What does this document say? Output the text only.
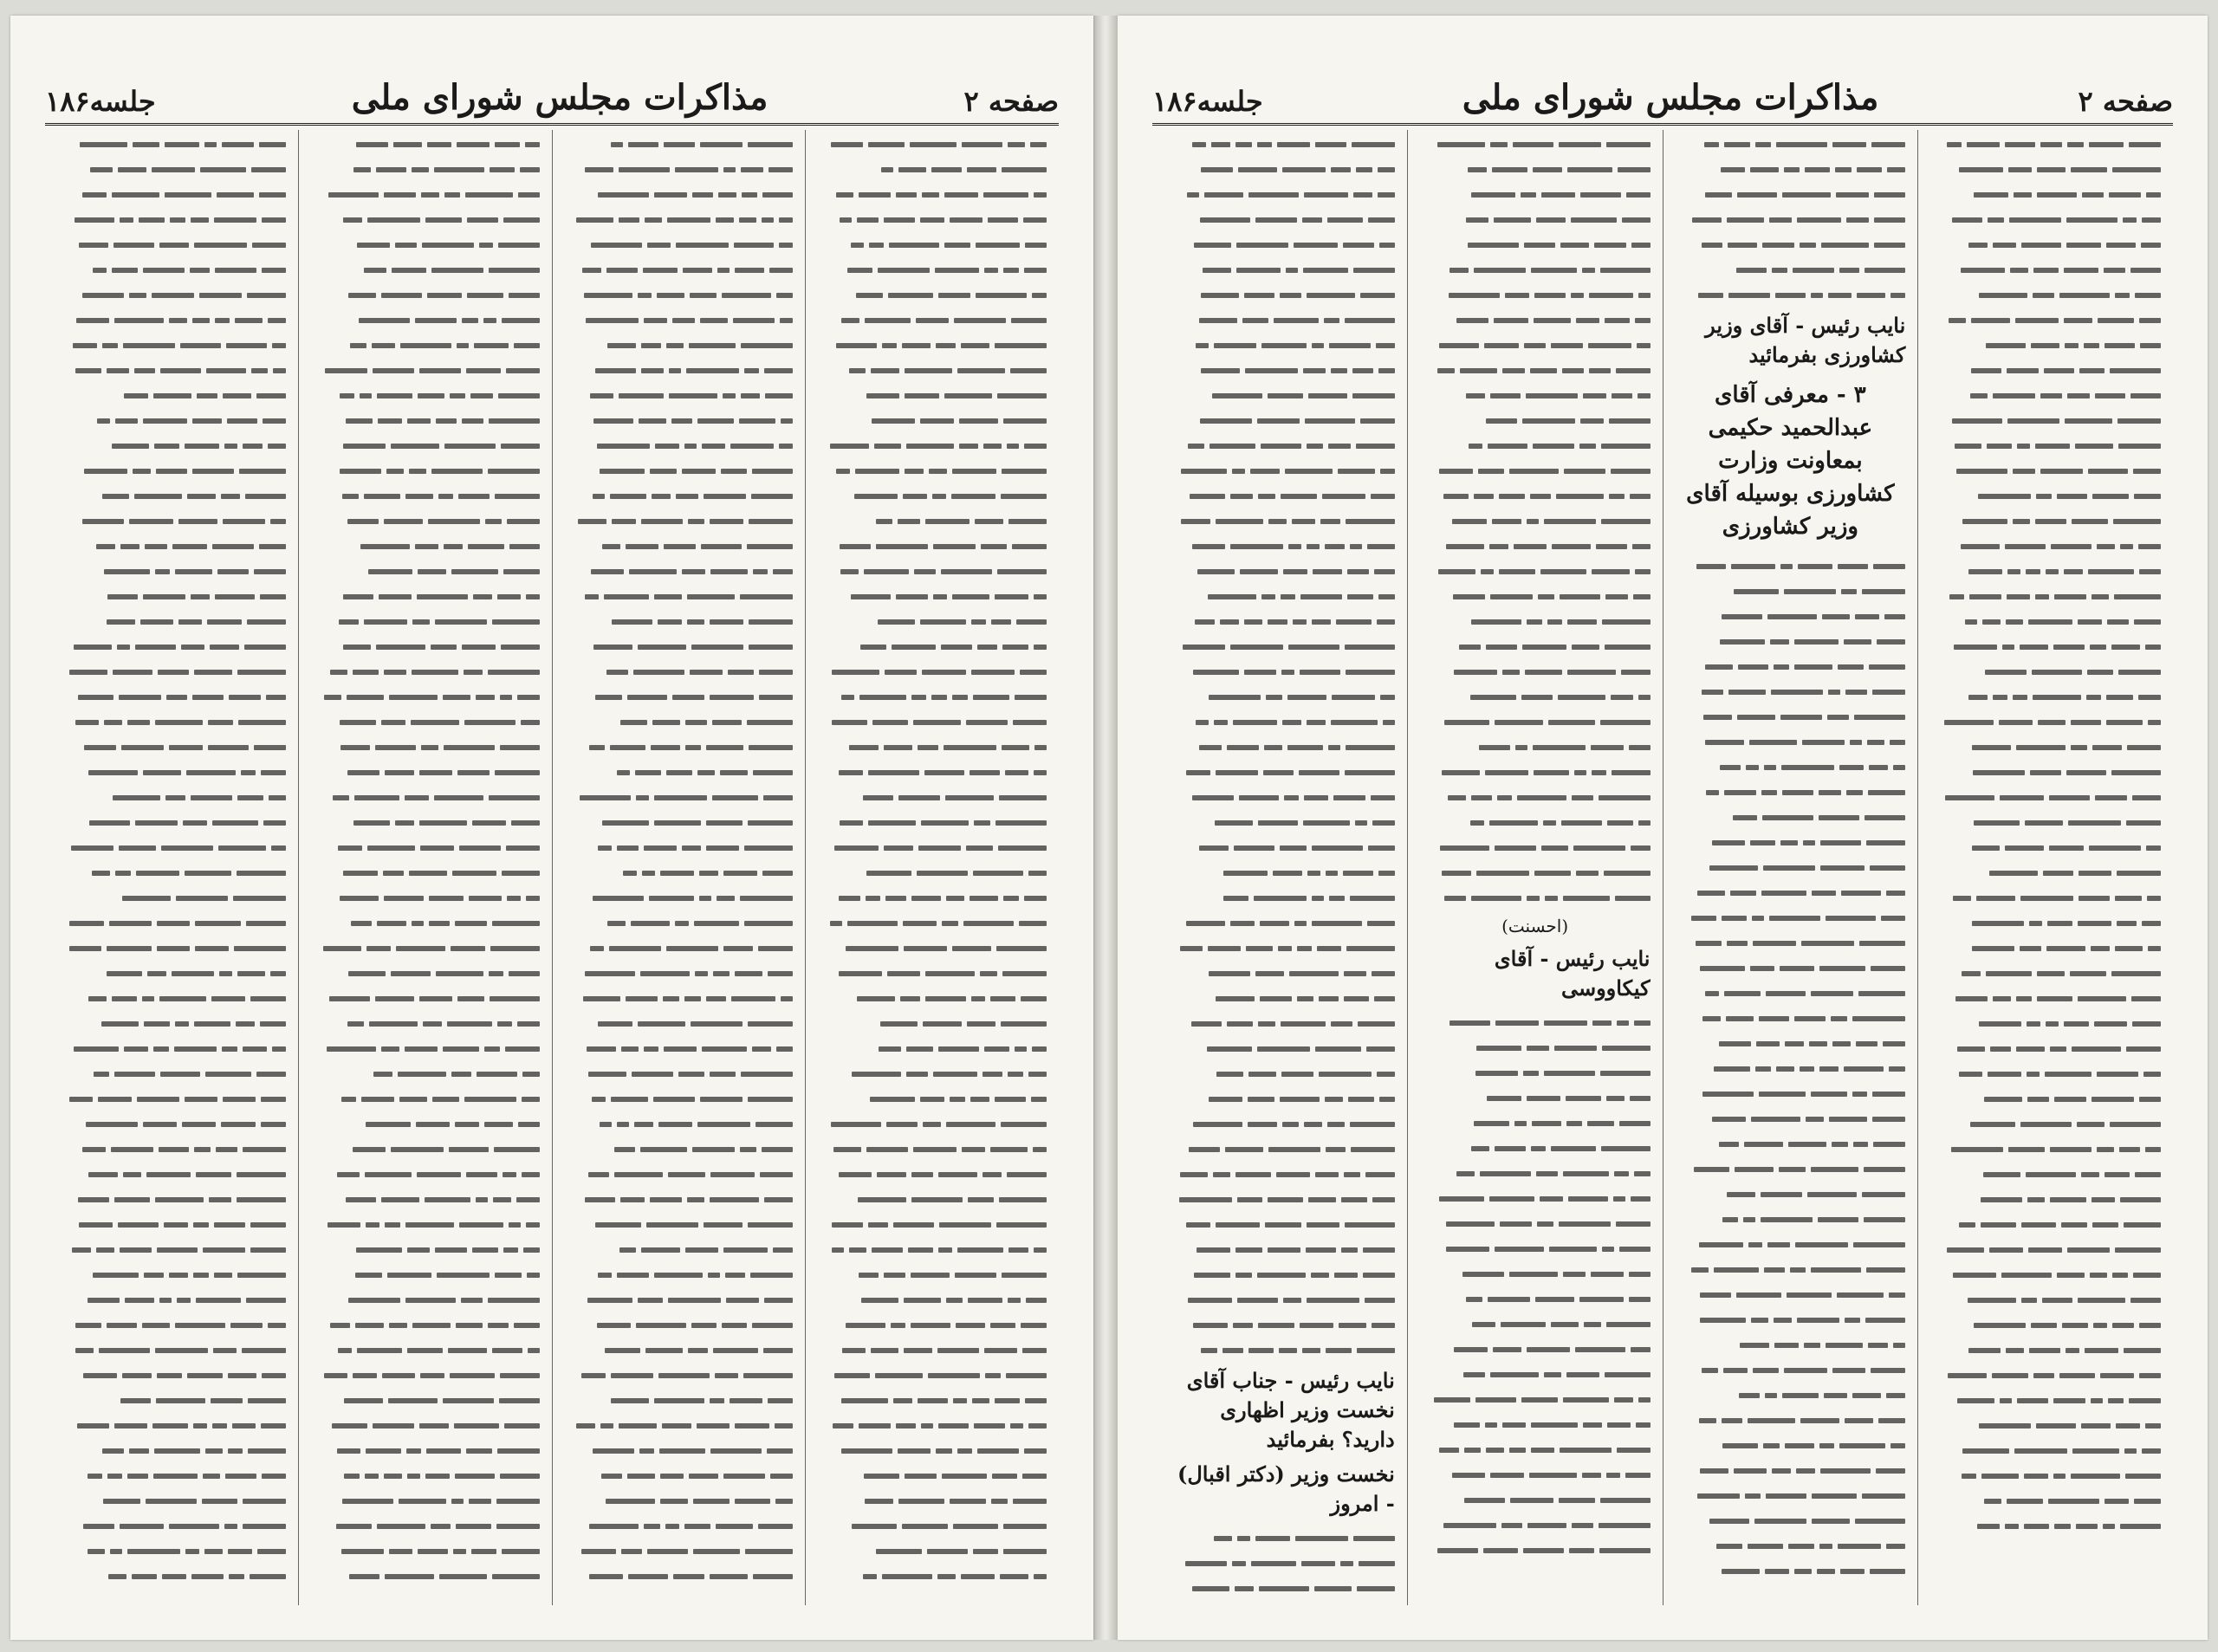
صفحه ۲
مذاکرات مجلس شورای ملی
جلسه۱۸۶
نایب رئیس - آقای وزیر کشاورزی بفرمائید
۳ - معرفی آقای عبدالحمید حکیمی بمعاونت وزارت کشاورزی بوسیله آقای وزیر کشاورزی
(احسنت)
نایب رئیس - آقای کیکاووسی
نایب رئیس - جناب آقای نخست وزیر اظهاری دارید؟ بفرمائید
نخست وزیر (دکتر اقبال) - امروز
صفحه ۲
مذاکرات مجلس شورای ملی
جلسه۱۸۶
